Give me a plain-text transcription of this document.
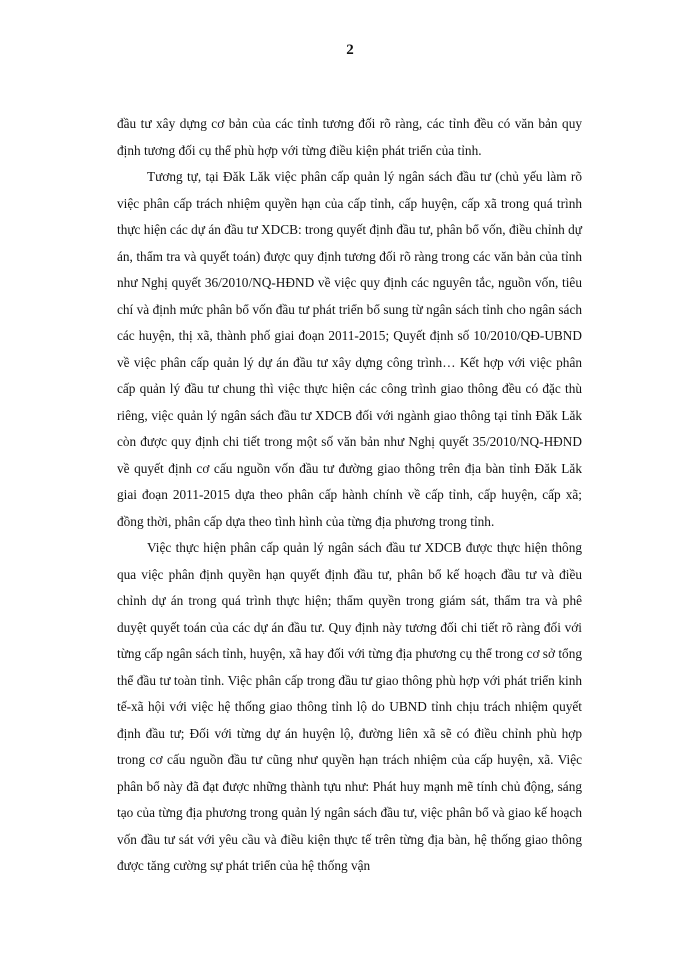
2

đầu tư xây dựng cơ bản của các tỉnh tương đối rõ ràng, các tỉnh đều có văn bản quy định tương đối cụ thể phù hợp với từng điều kiện phát triển của tỉnh.

Tương tự, tại Đăk Lăk việc phân cấp quản lý ngân sách đầu tư (chủ yếu làm rõ việc phân cấp trách nhiệm quyền hạn của cấp tỉnh, cấp huyện, cấp xã trong quá trình thực hiện các dự án đầu tư XDCB: trong quyết định đầu tư, phân bổ vốn, điều chỉnh dự án, thẩm tra và quyết toán) được quy định tương đối rõ ràng trong các văn bản của tỉnh như Nghị quyết 36/2010/NQ-HĐND về việc quy định các nguyên tắc, nguồn vốn, tiêu chí và định mức phân bổ vốn đầu tư phát triển bổ sung từ ngân sách tỉnh cho ngân sách các huyện, thị xã, thành phố giai đoạn 2011-2015; Quyết định số 10/2010/QĐ-UBND về việc phân cấp quản lý dự án đầu tư xây dựng công trình… Kết hợp với việc phân cấp quản lý đầu tư chung thì việc thực hiện các công trình giao thông đều có đặc thù riêng, việc quản lý ngân sách đầu tư XDCB đối với ngành giao thông tại tỉnh Đăk Lăk còn được quy định chi tiết trong một số văn bản như Nghị quyết 35/2010/NQ-HĐND về quyết định cơ cấu nguồn vốn đầu tư đường giao thông trên địa bàn tỉnh Đăk Lăk giai đoạn 2011-2015 dựa theo phân cấp hành chính về cấp tỉnh, cấp huyện, cấp xã; đồng thời, phân cấp dựa theo tình hình của từng địa phương trong tỉnh.

Việc thực hiện phân cấp quản lý ngân sách đầu tư XDCB được thực hiện thông qua việc phân định quyền hạn quyết định đầu tư, phân bổ kế hoạch đầu tư và điều chỉnh dự án trong quá trình thực hiện; thẩm quyền trong giám sát, thẩm tra và phê duyệt quyết toán của các dự án đầu tư. Quy định này tương đối chi tiết rõ ràng đối với từng cấp ngân sách tỉnh, huyện, xã hay đối với từng địa phương cụ thể trong cơ sở tổng thể đầu tư toàn tỉnh. Việc phân cấp trong đầu tư giao thông phù hợp với phát triển kinh tế-xã hội với việc hệ thống giao thông tỉnh lộ do UBND tỉnh chịu trách nhiệm quyết định đầu tư; Đối với từng dự án huyện lộ, đường liên xã sẽ có điều chỉnh phù hợp trong cơ cấu nguồn đầu tư cũng như quyền hạn trách nhiệm của cấp huyện, xã. Việc phân bổ này đã đạt được những thành tựu như: Phát huy mạnh mẽ tính chủ động, sáng tạo của từng địa phương trong quản lý ngân sách đầu tư, việc phân bổ và giao kế hoạch vốn đầu tư sát với yêu cầu và điều kiện thực tế trên từng địa bàn, hệ thống giao thông được tăng cường sự phát triển của hệ thống vận
